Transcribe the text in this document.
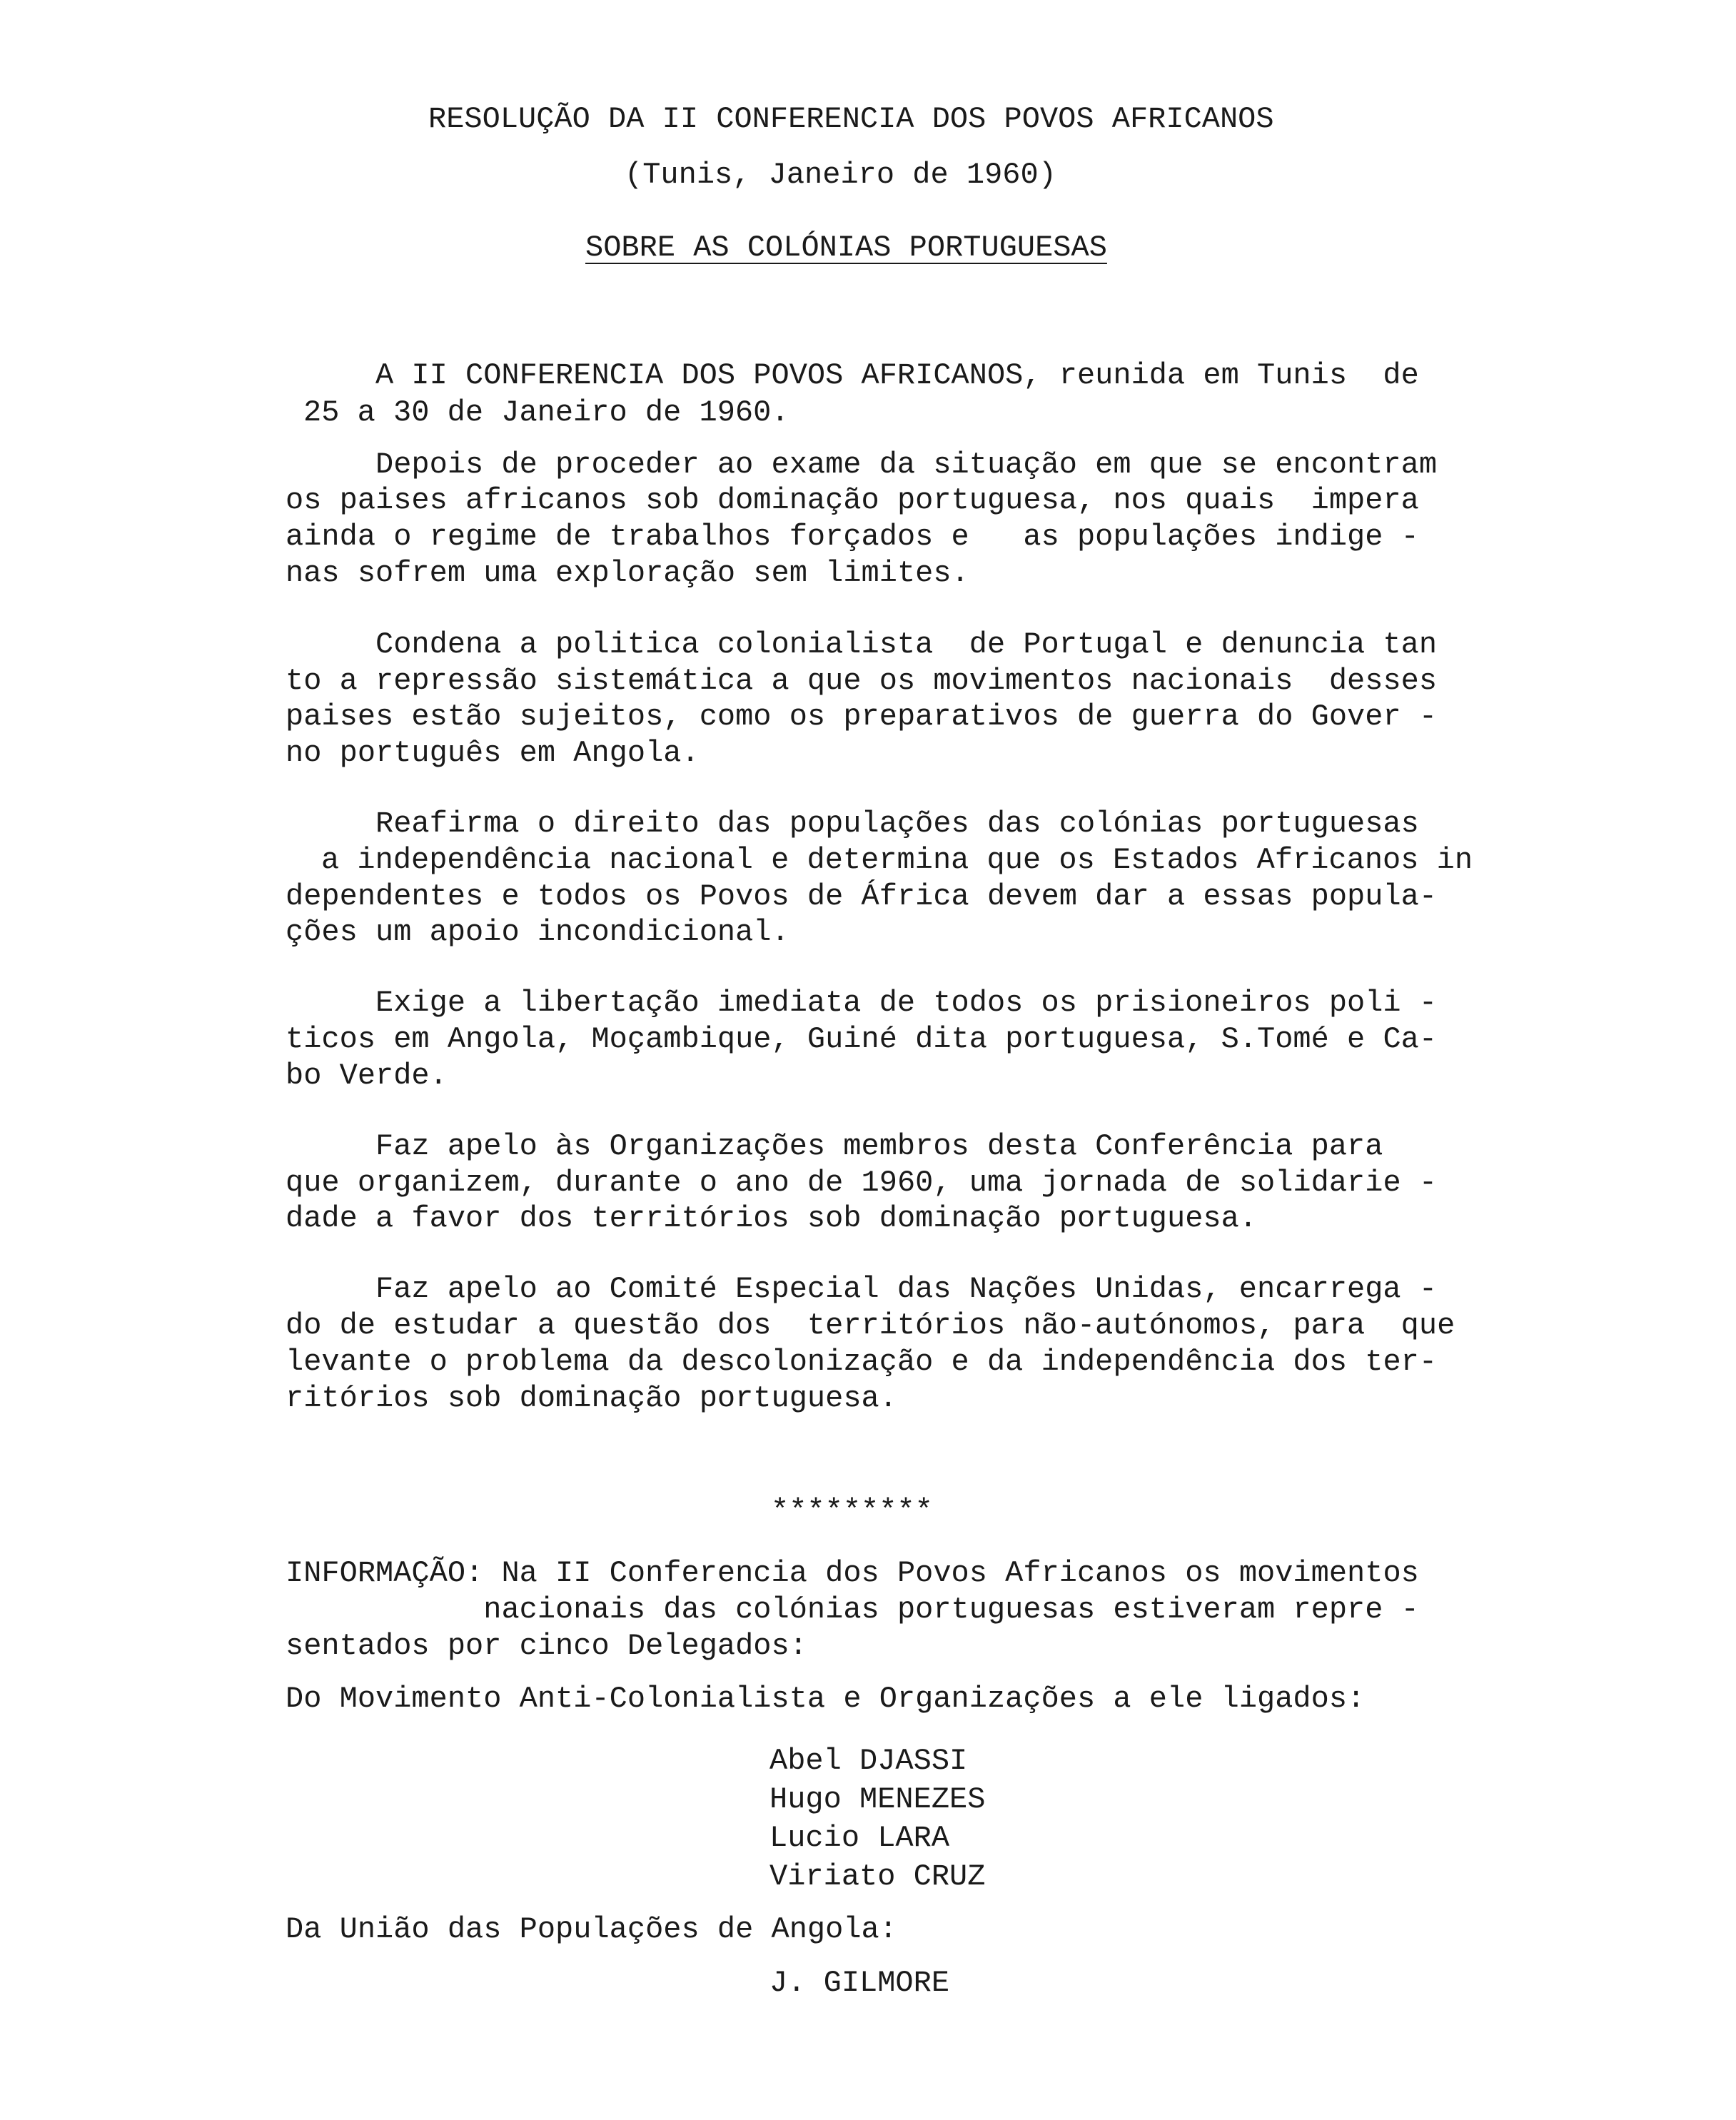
RESOLUÇÃO DA II CONFERENCIA DOS POVOS AFRICANOS
(Tunis, Janeiro de 1960)
SOBRE AS COLÓNIAS PORTUGUESAS
A II CONFERENCIA DOS POVOS AFRICANOS, reunida em Tunis  de
25 a 30 de Janeiro de 1960.
Depois de proceder ao exame da situação em que se encontram
os paises africanos sob dominação portuguesa, nos quais  impera
ainda o regime de trabalhos forçados e   as populações indige -
nas sofrem uma exploração sem limites.
Condena a politica colonialista  de Portugal e denuncia tan
to a repressão sistemática a que os movimentos nacionais  desses
paises estão sujeitos, como os preparativos de guerra do Gover -
no português em Angola.
Reafirma o direito das populações das colónias portuguesas
a independência nacional e determina que os Estados Africanos in
dependentes e todos os Povos de África devem dar a essas popula-
ções um apoio incondicional.
Exige a libertação imediata de todos os prisioneiros poli -
ticos em Angola, Moçambique, Guiné dita portuguesa, S.Tomé e Ca-
bo Verde.
Faz apelo às Organizações membros desta Conferência para
que organizem, durante o ano de 1960, uma jornada de solidarie -
dade a favor dos territórios sob dominação portuguesa.
Faz apelo ao Comité Especial das Nações Unidas, encarrega -
do de estudar a questão dos  territórios não-autónomos, para  que
levante o problema da descolonização e da independência dos ter-
ritórios sob dominação portuguesa.
*********
INFORMAÇÃO: Na II Conferencia dos Povos Africanos os movimentos
nacionais das colónias portuguesas estiveram repre -
sentados por cinco Delegados:
Do Movimento Anti-Colonialista e Organizações a ele ligados:
Abel DJASSI
Hugo MENEZES
Lucio LARA
Viriato CRUZ
Da União das Populações de Angola:
J. GILMORE
